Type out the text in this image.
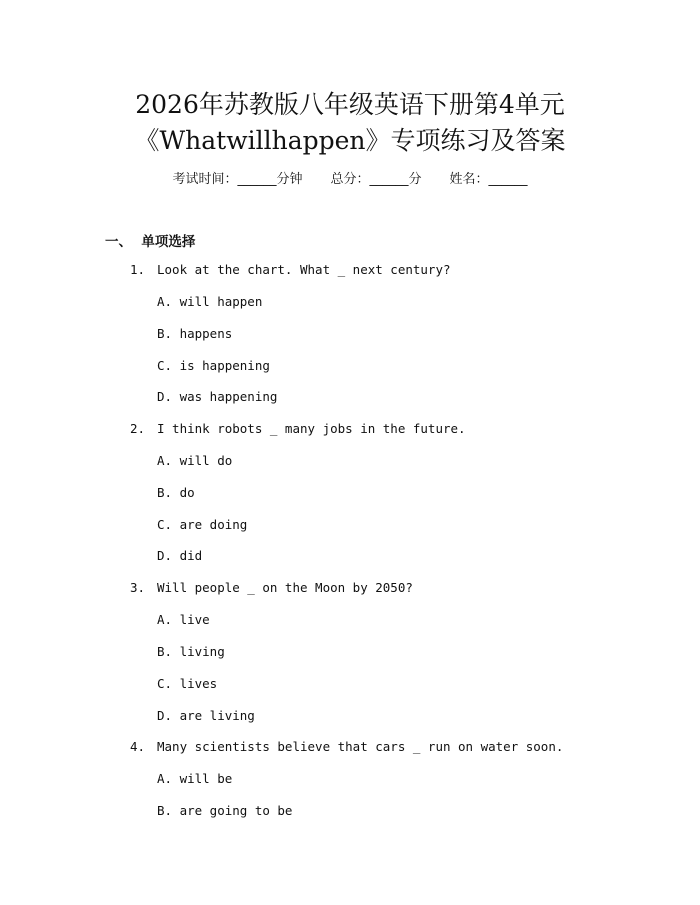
2026年苏教版八年级英语下册第4单元
《Whatwillhappen》专项练习及答案
考试时间：______分钟 总分：______分 姓名：______
一、 单项选择
1. Look at the chart. What _ next century?
A. will happen
B. happens
C. is happening
D. was happening
2. I think robots _ many jobs in the future.
A. will do
B. do
C. are doing
D. did
3. Will people _ on the Moon by 2050?
A. live
B. living
C. lives
D. are living
4. Many scientists believe that cars _ run on water soon.
A. will be
B. are going to be
